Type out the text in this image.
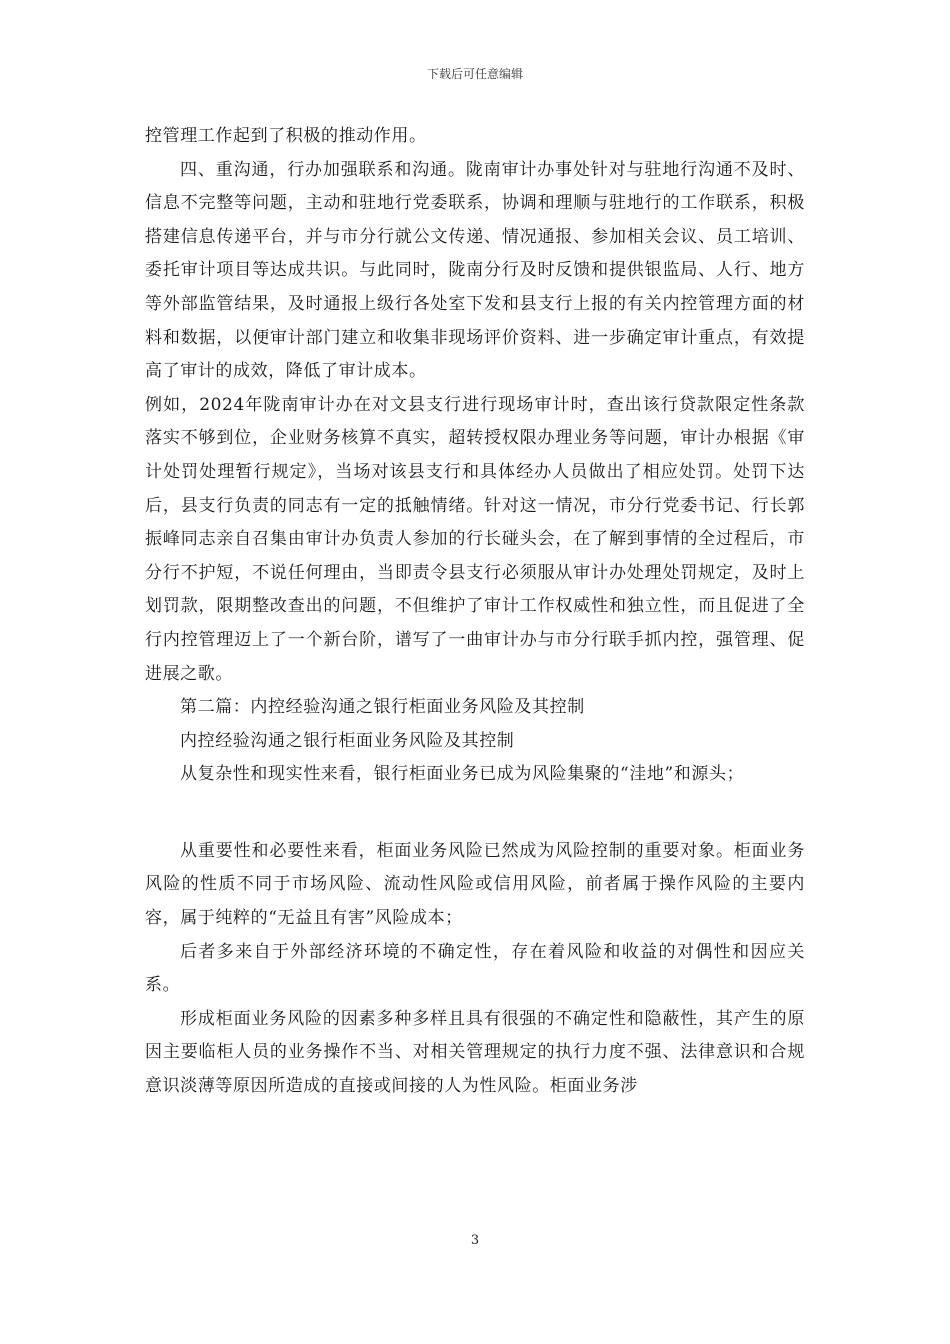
下载后可任意编辑

控管理工作起到了积极的推动作用。

四、重沟通，行办加强联系和沟通。陇南审计办事处针对与驻地行沟通不及时、信息不完整等问题，主动和驻地行党委联系，协调和理顺与驻地行的工作联系，积极搭建信息传递平台，并与市分行就公文传递、情况通报、参加相关会议、员工培训、委托审计项目等达成共识。与此同时，陇南分行及时反馈和提供银监局、人行、地方等外部监管结果，及时通报上级行各处室下发和县支行上报的有关内控管理方面的材料和数据，以便审计部门建立和收集非现场评价资料、进一步确定审计重点，有效提高了审计的成效，降低了审计成本。

例如，2024年陇南审计办在对文县支行进行现场审计时，查出该行贷款限定性条款落实不够到位，企业财务核算不真实，超转授权限办理业务等问题，审计办根据《审计处罚处理暂行规定》，当场对该县支行和具体经办人员做出了相应处罚。处罚下达后，县支行负责的同志有一定的抵触情绪。针对这一情况，市分行党委书记、行长郭振峰同志亲自召集由审计办负责人参加的行长碰头会，在了解到事情的全过程后，市分行不护短，不说任何理由，当即责令县支行必须服从审计办处理处罚规定，及时上划罚款，限期整改查出的问题，不但维护了审计工作权威性和独立性，而且促进了全行内控管理迈上了一个新台阶，谱写了一曲审计办与市分行联手抓内控，强管理、促进展之歌。

第二篇：内控经验沟通之银行柜面业务风险及其控制

内控经验沟通之银行柜面业务风险及其控制

从复杂性和现实性来看，银行柜面业务已成为风险集聚的“洼地”和源头；

从重要性和必要性来看，柜面业务风险已然成为风险控制的重要对象。柜面业务风险的性质不同于市场风险、流动性风险或信用风险，前者属于操作风险的主要内容，属于纯粹的“无益且有害”风险成本；

后者多来自于外部经济环境的不确定性，存在着风险和收益的对偶性和因应关系。

形成柜面业务风险的因素多种多样且具有很强的不确定性和隐蔽性，其产生的原因主要临柜人员的业务操作不当、对相关管理规定的执行力度不强、法律意识和合规意识淡薄等原因所造成的直接或间接的人为性风险。柜面业务涉

3
